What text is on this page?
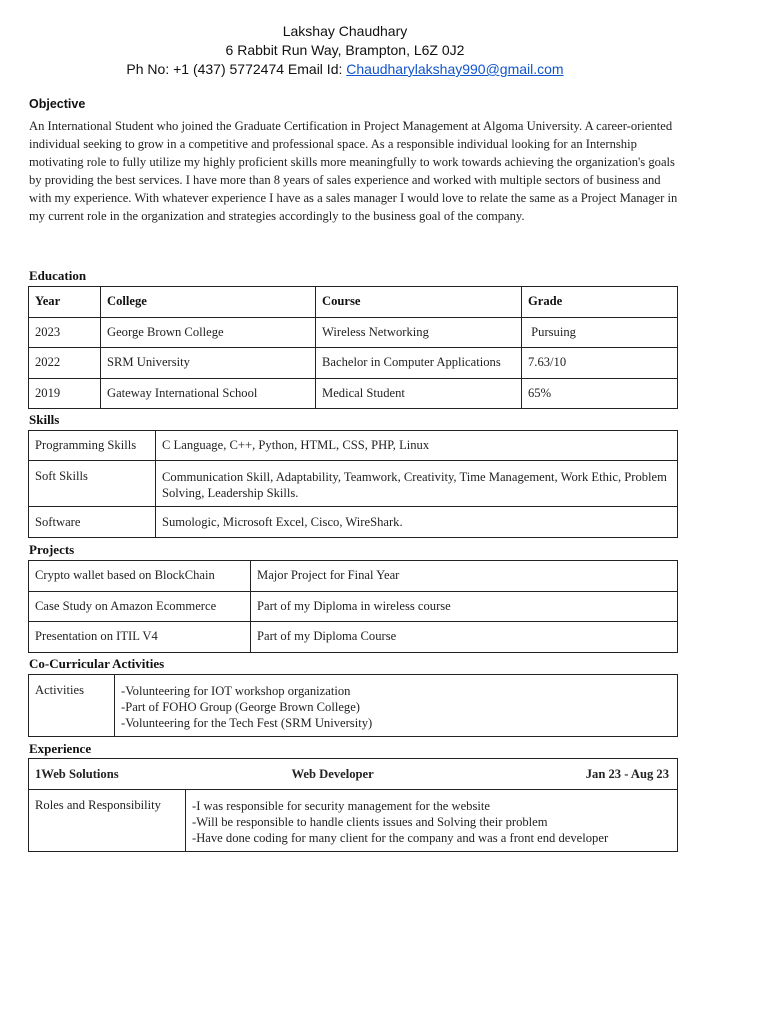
Lakshay Chaudhary
6 Rabbit Run Way, Brampton, L6Z 0J2
Ph No: +1 (437) 5772474 Email Id: Chaudharylakshay990@gmail.com
Objective
An International Student who joined the Graduate Certification in Project Management at Algoma University. A career-oriented individual seeking to grow in a competitive and professional space. As a responsible individual looking for an Internship motivating role to fully utilize my highly proficient skills more meaningfully to work towards achieving the organization's goals by providing the best services. I have more than 8 years of sales experience and worked with multiple sectors of business and with my experience. With whatever experience I have as a sales manager I would love to relate the same as a Project Manager in my current role in the organization and strategies accordingly to the business goal of the company.
Education
Year	College	Course	Grade
2023	George Brown College	Wireless Networking	Pursuing
2022	SRM University	Bachelor in Computer Applications	7.63/10
2019	Gateway International School	Medical Student	65%
Skills
Programming Skills	C Language, C++, Python, HTML, CSS, PHP, Linux
Soft Skills	Communication Skill, Adaptability, Teamwork, Creativity, Time Management, Work Ethic, Problem Solving, Leadership Skills.
Software	Sumologic, Microsoft Excel, Cisco, WireShark.
Projects
Crypto wallet based on BlockChain	Major Project for Final Year
Case Study on Amazon Ecommerce	Part of my Diploma in wireless course
Presentation on ITIL V4	Part of my Diploma Course
Co-Curricular Activities
Activities	-Volunteering for IOT workshop organization
-Part of FOHO Group (George Brown College)
-Volunteering for the Tech Fest (SRM University)
Experience
1Web Solutions	Web Developer	Jan 23 - Aug 23
Roles and Responsibility	-I was responsible for security management for the website
-Will be responsible to handle clients issues and Solving their problem
-Have done coding for many client for the company and was a front end developer	
